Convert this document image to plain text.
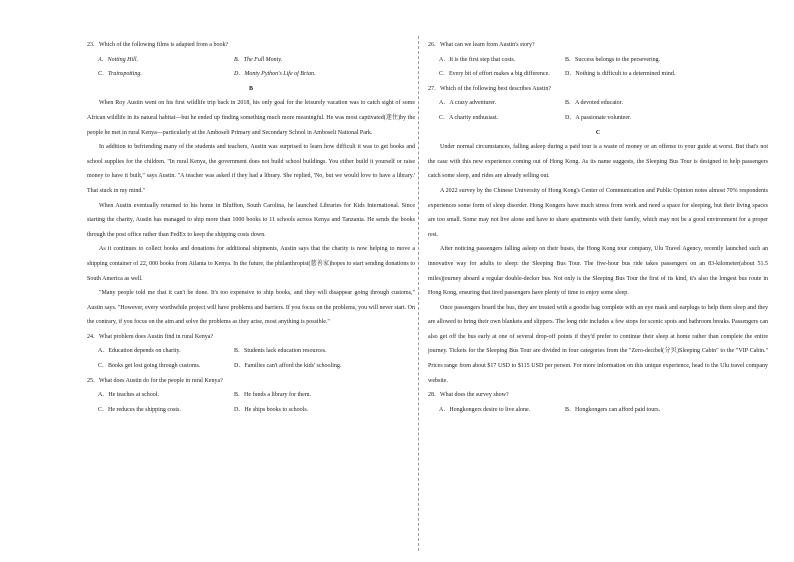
23．Which of the following films is adapted from a book?

A．Notting Hill.	B．The Full Monty.
C．Trainspotting.	D．Monty Python's Life of Brian.

B

When Roy Austin went on his first wildlife trip back in 2018, his only goal for the leisurely vacation was to catch sight of some African wildlife in its natural habitat—but he ended up finding something much more meaningful. He was most captivated(迷住)by the people he met in rural Kenya—particularly at the Amboseli Primary and Secondary School in Amboseli National Park.

In addition to befriending many of the students and teachers, Austin was surprised to learn how difficult it was to get books and school supplies for the children. "In rural Kenya, the government does not build school buildings. You either build it yourself or raise money to have it built," says Austin. "A teacher was asked if they had a library. She replied, 'No, but we would love to have a library.' That stuck in my mind."

When Austin eventually returned to his home in Bluffton, South Carolina, he launched Libraries for Kids International. Since starting the charity, Austin has managed to ship more than 1000 books to 11 schools across Kenya and Tanzania. He sends the books through the post office rather than FedEx to keep the shipping costs down.

As it continues to collect books and donations for additional shipments, Austin says that the charity is now helping to move a shipping container of 22, 000 books from Atlanta to Kenya. In the future, the philanthropist(慈善家)hopes to start sending donations to South America as well.

"Many people told me that it can't be done. It's too expensive to ship books, and they will disappear going through customs," Austin says. "However, every worthwhile project will have problems and barriers. If you focus on the problems, you will never start. On the contrary, if you focus on the aim and solve the problems as they arise, most anything is possible."

24．What problem does Austin find in rural Kenya?

A．Education depends on charity.	B．Students lack education resources.
C．Books get lost going through customs.	D．Families can't afford the kids' schooling.

25．What does Austin do for the people in rural Kenya?

A．He teaches at school.	B．He funds a library for them.
C．He reduces the shipping costs.	D．He ships books to schools.

26．What can we learn from Austin's story?

A．It is the first step that costs.	B．Success belongs to the persevering.
C．Every bit of effort makes a big difference.	D．Nothing is difficult to a determined mind.

27．Which of the following best describes Austin?

A．A crazy adventurer.	B．A devoted educator.
C．A charity enthusiast.	D．A passionate volunteer.

C

Under normal circumstances, falling asleep during a paid tour is a waste of money or an offense to your guide at worst. But that's not the case with this new experience coming out of Hong Kong. As its name suggests, the Sleeping Bus Tour is designed to help passengers catch some sleep, and rides are already selling out.

A 2022 survey by the Chinese University of Hong Kong's Center of Communication and Public Opinion notes almost 70% respondents experiences some form of sleep disorder. Hong Kongers have much stress from work and need a space for sleeping, but their living spaces are too small. Some may not live alone and have to share apartments with their family, which may not be a good environment for a proper rest.

After noticing passengers falling asleep on their buses, the Hong Kong tour company, Ulu Travel Agency, recently launched such an innovative way for adults to sleep: the Sleeping Bus Tour. The five-hour bus ride takes passengers on an 83-kilometer(about 51.5 miles)journey aboard a regular double-decker bus. Not only is the Sleeping Bus Tour the first of its kind, it's also the longest bus route in Hong Kong, ensuring that tired passengers have plenty of time to enjoy some sleep.

Once passengers board the bus, they are treated with a goodie bag complete with an eye mask and earplugs to help them sleep and they are allowed to bring their own blankets and slippers. The long ride includes a few stops for scenic spots and bathroom breaks. Passengers can also get off the bus early at one of several drop-off points if they'd prefer to continue their sleep at home rather than complete the entire journey. Tickets for the Sleeping Bus Tour are divided in four categories from the "Zero-decibel(分贝)Sleeping Cabin" to the "VIP Cabin." Prices range from about $17 USD to $115 USD per person. For more information on this unique experience, head to the Ulu travel company website.

28．What does the survey show?

A．Hongkongers desire to live alone.	B．Hongkongers can afford paid tours.
